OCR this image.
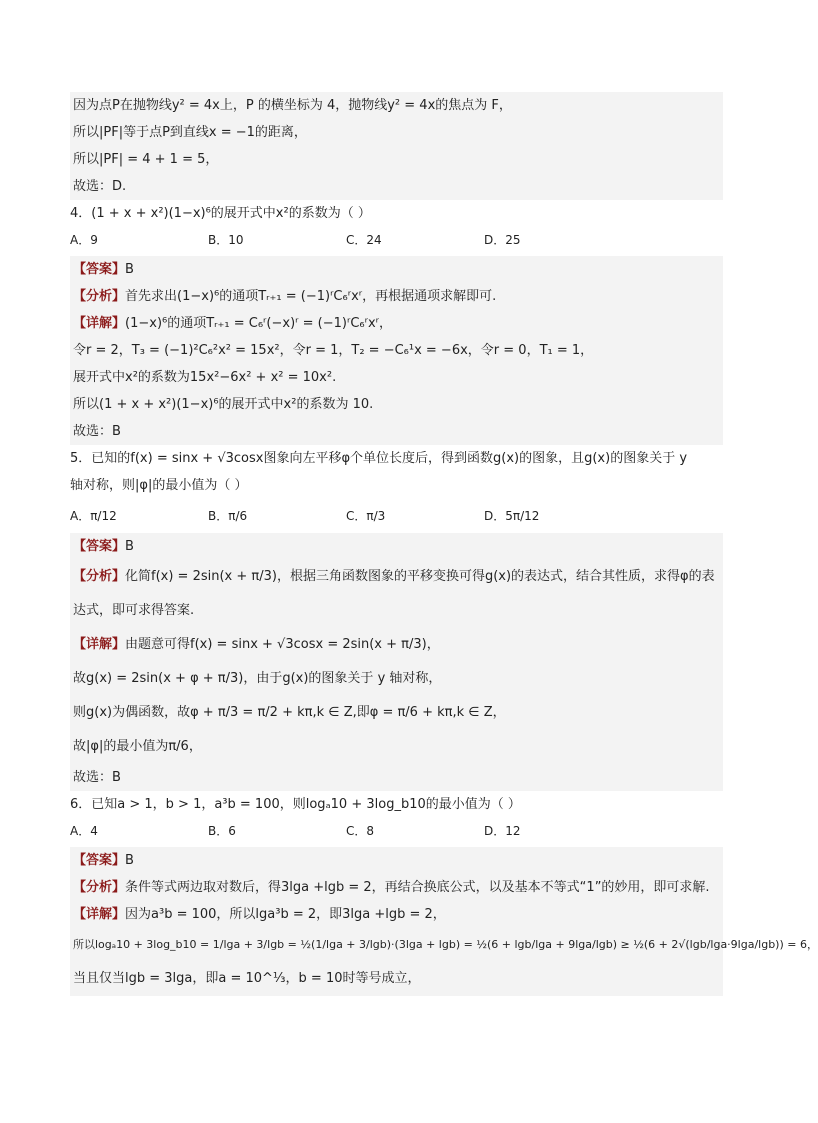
因为点P在抛物线y² = 4x上，P 的横坐标为 4，抛物线y² = 4x的焦点为 F，
所以|PF|等于点P到直线x = −1的距离，
所以|PF| = 4 + 1 = 5，
故选：D.
4．(1 + x + x²)(1−x)⁶的展开式中x²的系数为（ ）
A．9	B．10	C．24	D．25
【答案】B
【分析】首先求出(1−x)⁶的通项Tᵣ₊₁ = (−1)ʳC₆ʳxʳ，再根据通项求解即可.
【详解】(1−x)⁶的通项Tᵣ₊₁ = C₆ʳ(−x)ʳ = (−1)ʳC₆ʳxʳ，
令r = 2，T₃ = (−1)²C₆²x² = 15x²，令r = 1，T₂ = −C₆¹x = −6x，令r = 0，T₁ = 1，
展开式中x²的系数为15x²−6x² + x² = 10x².
所以(1 + x + x²)(1−x)⁶的展开式中x²的系数为 10.
故选：B
5．已知的f(x) = sinx + √3cosx图象向左平移φ个单位长度后，得到函数g(x)的图象，且g(x)的图象关于 y
轴对称，则|φ|的最小值为（ ）
A．π/12	B．π/6	C．π/3	D．5π/12
【答案】B
【分析】化简f(x) = 2sin(x + π/3)，根据三角函数图象的平移变换可得g(x)的表达式，结合其性质，求得φ的表达式，即可求得答案.
【详解】由题意可得f(x) = sinx + √3cosx = 2sin(x + π/3)，
故g(x) = 2sin(x + φ + π/3)，由于g(x)的图象关于 y 轴对称，
则g(x)为偶函数，故φ + π/3 = π/2 + kπ,k ∈ Z,即φ = π/6 + kπ,k ∈ Z，
故|φ|的最小值为π/6，
故选：B
6．已知a > 1，b > 1，a³b = 100，则logₐ10 + 3log_b10的最小值为（ ）
A．4	B．6	C．8	D．12
【答案】B
【分析】条件等式两边取对数后，得3lga +lgb = 2，再结合换底公式，以及基本不等式“1”的妙用，即可求解.
【详解】因为a³b = 100，所以lga³b = 2，即3lga +lgb = 2，
所以logₐ10 + 3log_b10 = 1/lga + 3/lgb = ½(1/lga + 3/lgb)·(3lga + lgb) = ½(6 + lgb/lga + 9lga/lgb) ≥ ½(6 + 2√(lgb/lga·9lga/lgb)) = 6，
当且仅当lgb = 3lga，即a = 10^⅓，b = 10时等号成立，
